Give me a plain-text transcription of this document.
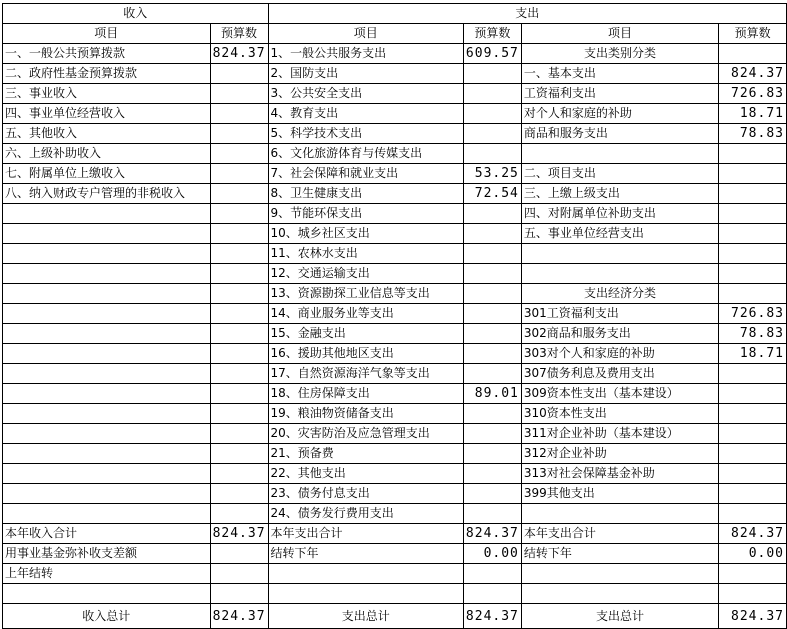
收入		支出			
项目	预算数	项目	预算数	项目	预算数
一、一般公共预算拨款	824.37	1、一般公共服务支出	609.57	支出类别分类	
二、政府性基金预算拨款		2、国防支出		一、基本支出	824.37
三、事业收入		3、公共安全支出		工资福利支出	726.83
四、事业单位经营收入		4、教育支出		对个人和家庭的补助	18.71
五、其他收入		5、科学技术支出		商品和服务支出	78.83
六、上级补助收入		6、文化旅游体育与传媒支出			
七、附属单位上缴收入		7、社会保障和就业支出	53.25	二、项目支出	
八、纳入财政专户管理的非税收入		8、卫生健康支出	72.54	三、上缴上级支出	
		9、节能环保支出		四、对附属单位补助支出	
		10、城乡社区支出		五、事业单位经营支出	
		11、农林水支出			
		12、交通运输支出			
		13、资源勘探工业信息等支出		支出经济分类	
		14、商业服务业等支出		301工资福利支出	726.83
		15、金融支出		302商品和服务支出	78.83
		16、援助其他地区支出		303对个人和家庭的补助	18.71
		17、自然资源海洋气象等支出		307债务利息及费用支出	
		18、住房保障支出	89.01	309资本性支出（基本建设）	
		19、粮油物资储备支出		310资本性支出	
		20、灾害防治及应急管理支出		311对企业补助（基本建设）	
		21、预备费		312对企业补助	
		22、其他支出		313对社会保障基金补助	
		23、债务付息支出		399其他支出	
		24、债务发行费用支出			
本年收入合计	824.37	本年支出合计	824.37	本年支出合计	824.37
用事业基金弥补收支差额		结转下年	0.00	结转下年	0.00
上年结转					

收入总计	824.37	支出总计	824.37	支出总计	824.37
